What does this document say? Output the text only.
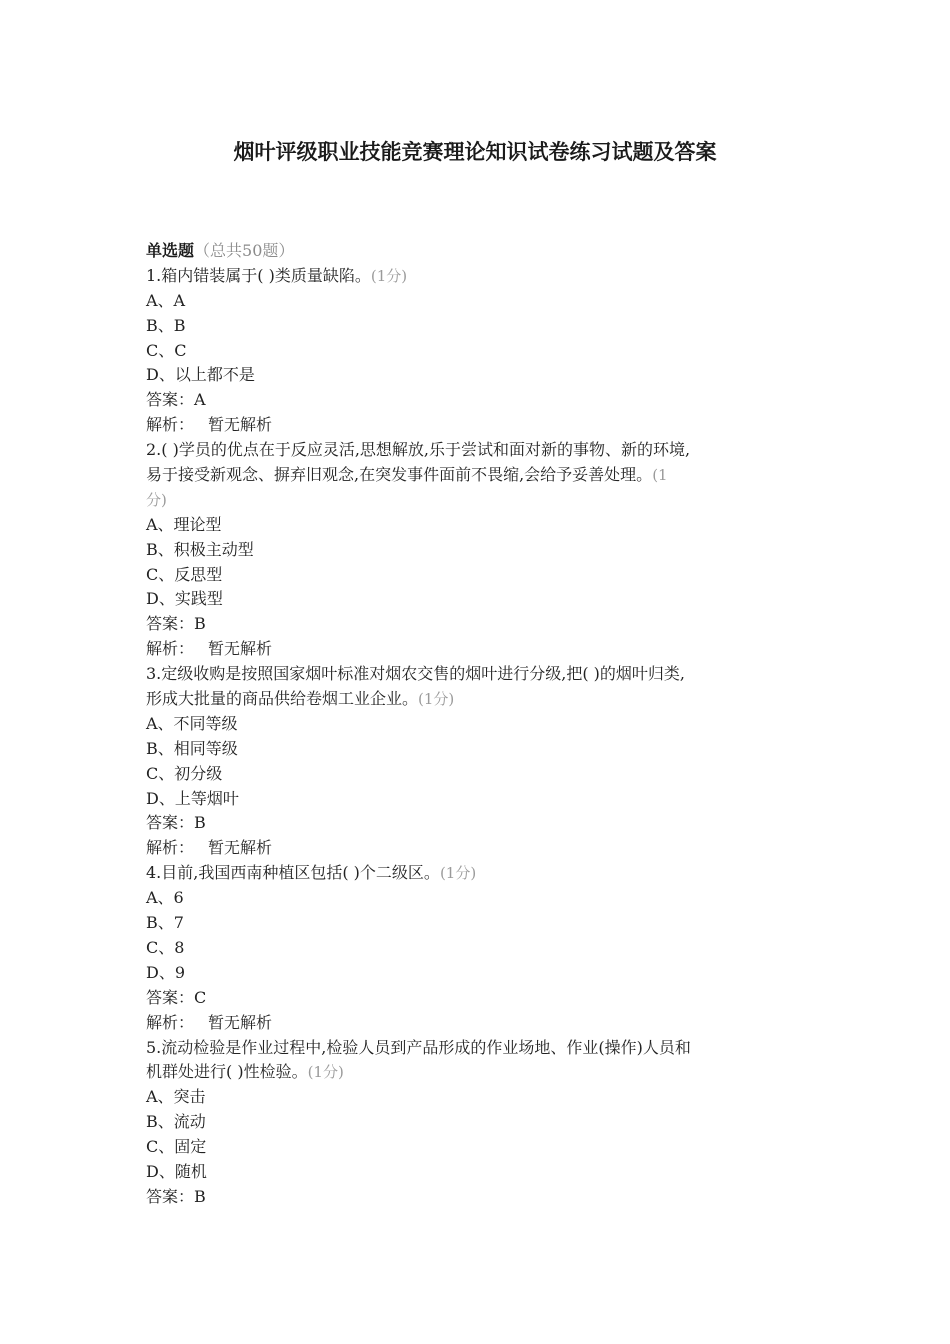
烟叶评级职业技能竞赛理论知识试卷练习试题及答案
单选题（总共50题）
1.箱内错装属于( )类质量缺陷。(1分)
A、A
B、B
C、C
D、以上都不是
答案：A
解析： 暂无解析
2.( )学员的优点在于反应灵活,思想解放,乐于尝试和面对新的事物、新的环境,
易于接受新观念、摒弃旧观念,在突发事件面前不畏缩,会给予妥善处理。(1
分)
A、理论型
B、积极主动型
C、反思型
D、实践型
答案：B
解析： 暂无解析
3.定级收购是按照国家烟叶标准对烟农交售的烟叶进行分级,把( )的烟叶归类,
形成大批量的商品供给卷烟工业企业。(1分)
A、不同等级
B、相同等级
C、初分级
D、上等烟叶
答案：B
解析： 暂无解析
4.目前,我国西南种植区包括( )个二级区。(1分)
A、6
B、7
C、8
D、9
答案：C
解析： 暂无解析
5.流动检验是作业过程中,检验人员到产品形成的作业场地、作业(操作)人员和
机群处进行( )性检验。(1分)
A、突击
B、流动
C、固定
D、随机
答案：B
